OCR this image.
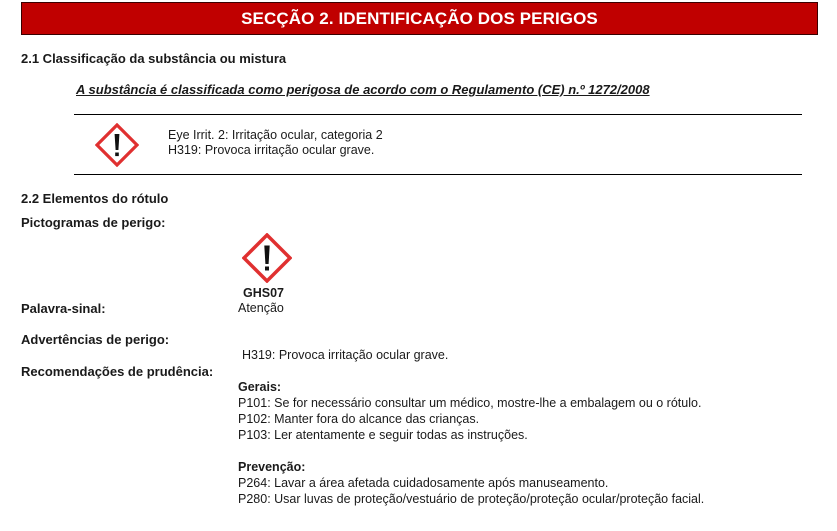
SECÇÃO 2. IDENTIFICAÇÃO DOS PERIGOS
2.1 Classificação da substância ou mistura
A substância é classificada como perigosa de acordo com o Regulamento (CE) n.º 1272/2008
Eye Irrit. 2: Irritação ocular, categoria 2
H319: Provoca irritação ocular grave.
2.2 Elementos do rótulo
Pictogramas de perigo:
GHS07
Palavra-sinal:	Atenção
Advertências de perigo:
H319: Provoca irritação ocular grave.
Recomendações de prudência:
Gerais:
P101: Se for necessário consultar um médico, mostre-lhe a embalagem ou o rótulo.
P102: Manter fora do alcance das crianças.
P103: Ler atentamente e seguir todas as instruções.
Prevenção:
P264: Lavar a área afetada cuidadosamente após manuseamento.
P280: Usar luvas de proteção/vestuário de proteção/proteção ocular/proteção facial.
